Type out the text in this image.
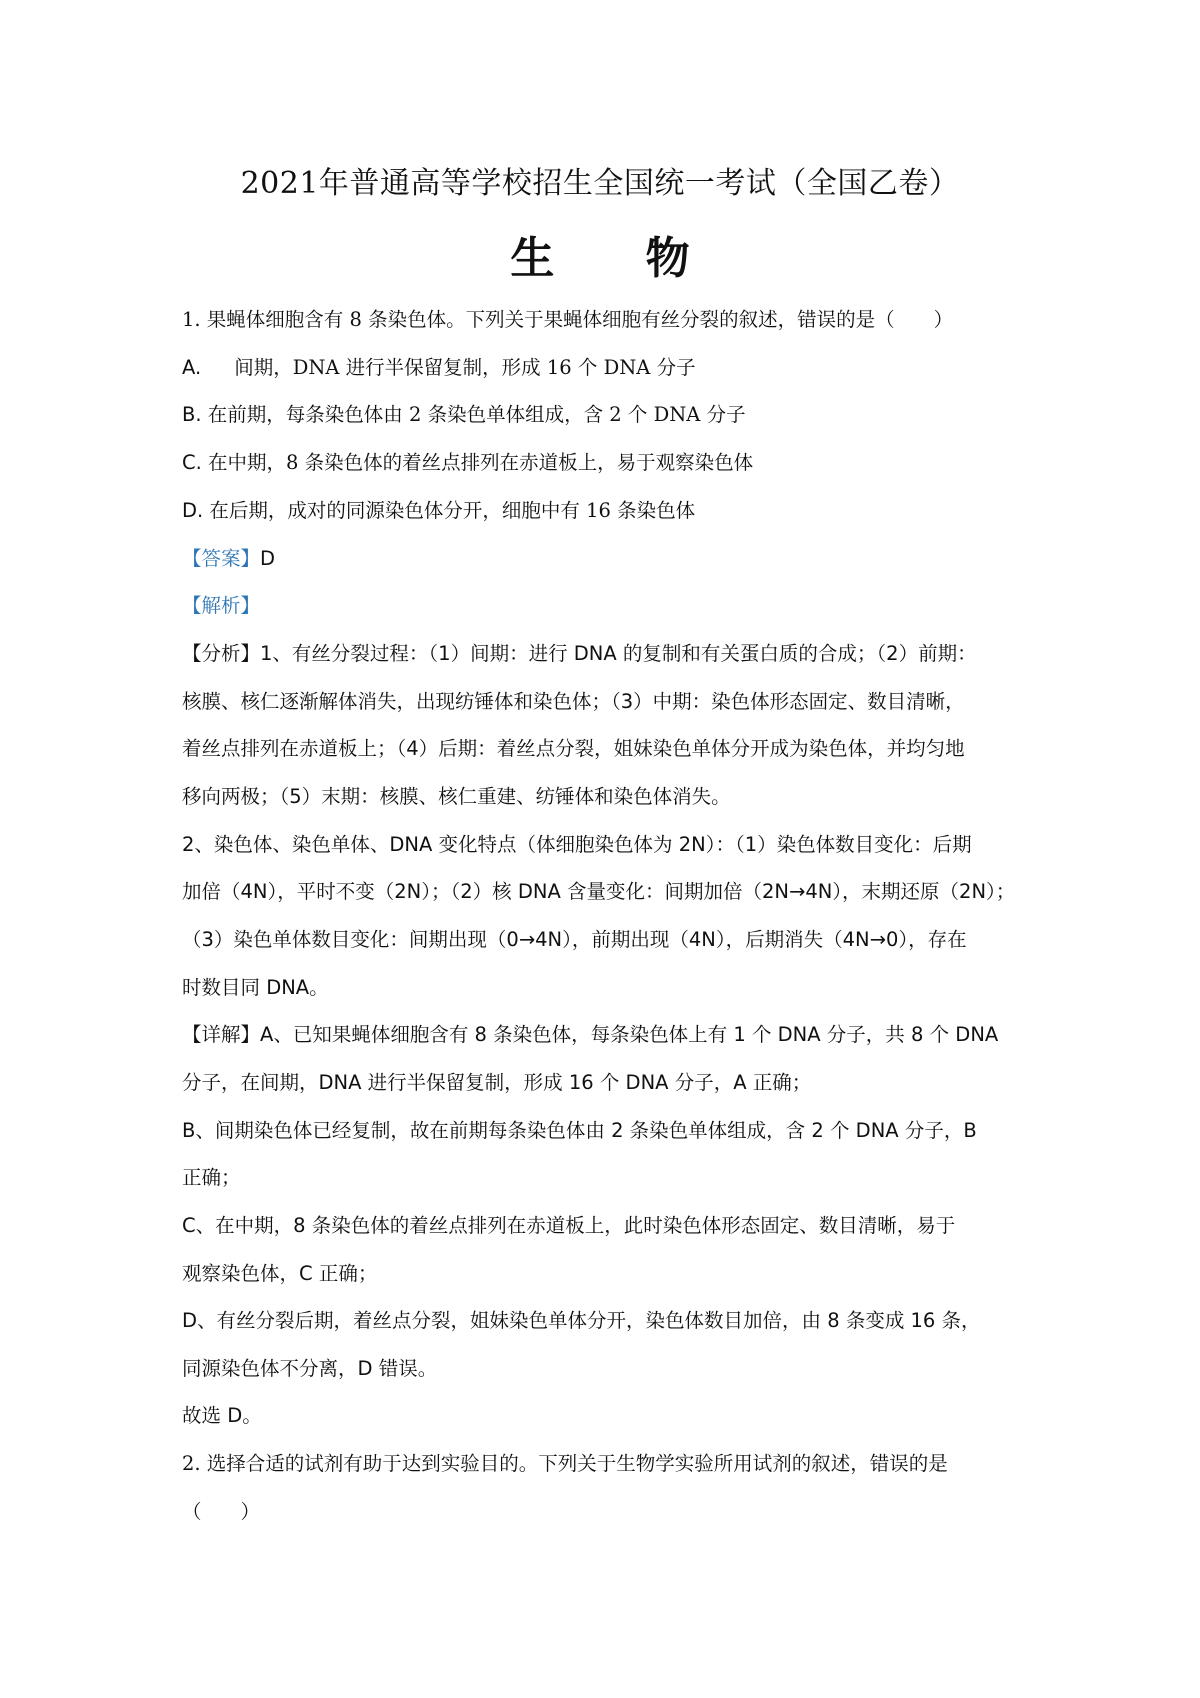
2021年普通高等学校招生全国统一考试（全国乙卷）
生 物
1. 果蝇体细胞含有 8 条染色体。下列关于果蝇体细胞有丝分裂的叙述，错误的是（　　）
A. 间期，DNA 进行半保留复制，形成 16 个 DNA 分子
B. 在前期，每条染色体由 2 条染色单体组成，含 2 个 DNA 分子
C. 在中期，8 条染色体的着丝点排列在赤道板上，易于观察染色体
D. 在后期，成对的同源染色体分开，细胞中有 16 条染色体
【答案】D
【解析】
【分析】1、有丝分裂过程：（1）间期：进行 DNA 的复制和有关蛋白质的合成；（2）前期：
核膜、核仁逐渐解体消失，出现纺锤体和染色体；（3）中期：染色体形态固定、数目清晰，
着丝点排列在赤道板上；（4）后期：着丝点分裂，姐妹染色单体分开成为染色体，并均匀地
移向两极；（5）末期：核膜、核仁重建、纺锤体和染色体消失。
2、染色体、染色单体、DNA 变化特点（体细胞染色体为 2N）：（1）染色体数目变化：后期
加倍（4N），平时不变（2N）；（2）核 DNA 含量变化：间期加倍（2N→4N），末期还原（2N）；
（3）染色单体数目变化：间期出现（0→4N），前期出现（4N），后期消失（4N→0），存在
时数目同 DNA。
【详解】A、已知果蝇体细胞含有 8 条染色体，每条染色体上有 1 个 DNA 分子，共 8 个 DNA
分子，在间期，DNA 进行半保留复制，形成 16 个 DNA 分子，A 正确；
B、间期染色体已经复制，故在前期每条染色体由 2 条染色单体组成，含 2 个 DNA 分子，B
正确；
C、在中期，8 条染色体的着丝点排列在赤道板上，此时染色体形态固定、数目清晰，易于
观察染色体，C 正确；
D、有丝分裂后期，着丝点分裂，姐妹染色单体分开，染色体数目加倍，由 8 条变成 16 条，
同源染色体不分离，D 错误。
故选 D。
2. 选择合适的试剂有助于达到实验目的。下列关于生物学实验所用试剂的叙述，错误的是
（　　）
